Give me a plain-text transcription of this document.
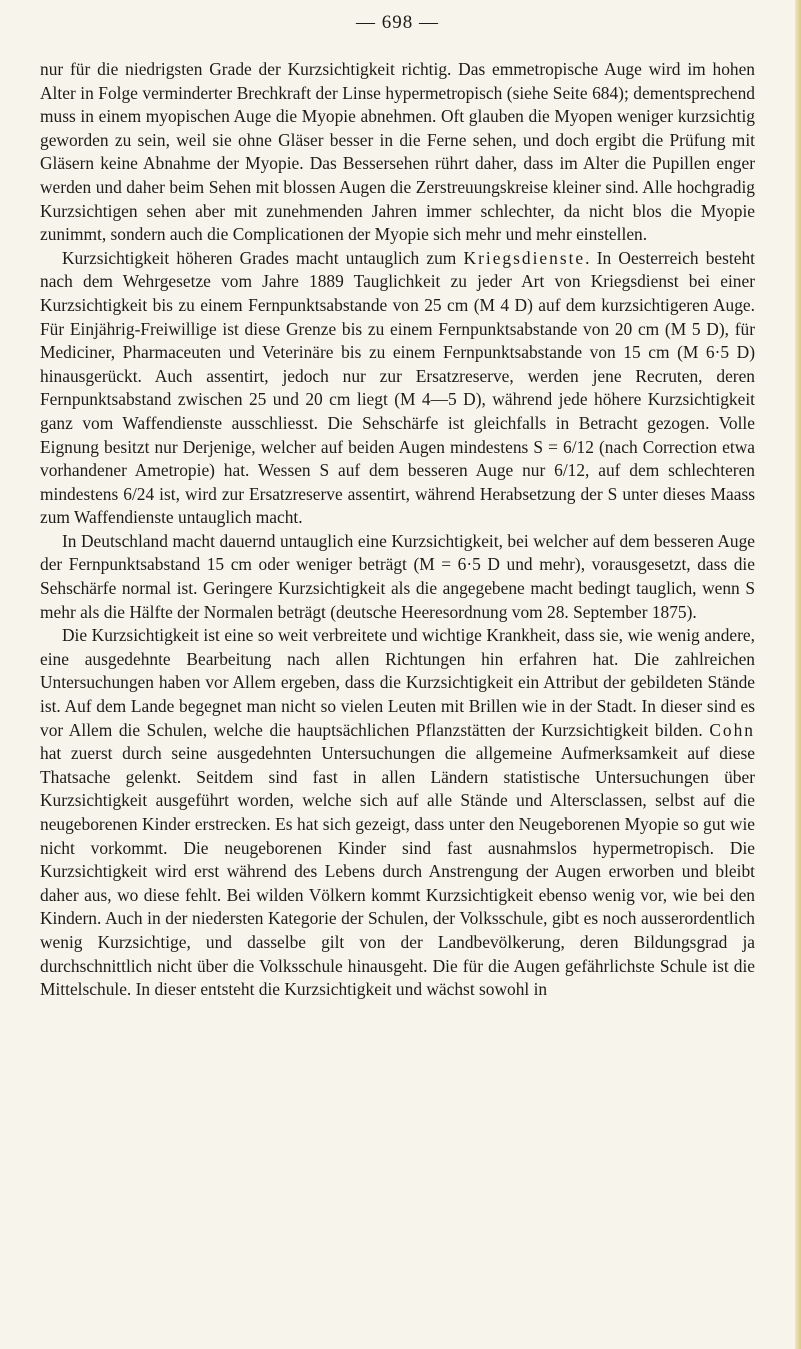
— 698 —

nur für die niedrigsten Grade der Kurzsichtigkeit richtig. Das emmetropische Auge wird im hohen Alter in Folge verminderter Brechkraft der Linse hypermetropisch (siehe Seite 684); dementsprechend muss in einem myopischen Auge die Myopie abnehmen. Oft glauben die Myopen weniger kurzsichtig geworden zu sein, weil sie ohne Gläser besser in die Ferne sehen, und doch ergibt die Prüfung mit Gläsern keine Abnahme der Myopie. Das Bessersehen rührt daher, dass im Alter die Pupillen enger werden und daher beim Sehen mit blossen Augen die Zerstreuungskreise kleiner sind. Alle hochgradig Kurzsichtigen sehen aber mit zunehmenden Jahren immer schlechter, da nicht blos die Myopie zunimmt, sondern auch die Complicationen der Myopie sich mehr und mehr einstellen.

Kurzsichtigkeit höheren Grades macht untauglich zum Kriegsdienste. In Oesterreich besteht nach dem Wehrgesetze vom Jahre 1889 Tauglichkeit zu jeder Art von Kriegsdienst bei einer Kurzsichtigkeit bis zu einem Fernpunktsabstande von 25 cm (M 4 D) auf dem kurzsichtigeren Auge. Für Einjährig-Freiwillige ist diese Grenze bis zu einem Fernpunktsabstande von 20 cm (M 5 D), für Mediciner, Pharmaceuten und Veterinäre bis zu einem Fernpunktsabstande von 15 cm (M 6·5 D) hinausgerückt. Auch assentirt, jedoch nur zur Ersatzreserve, werden jene Recruten, deren Fernpunktsabstand zwischen 25 und 20 cm liegt (M 4—5 D), während jede höhere Kurzsichtigkeit ganz vom Waffendienste ausschliesst. Die Sehschärfe ist gleichfalls in Betracht gezogen. Volle Eignung besitzt nur Derjenige, welcher auf beiden Augen mindestens S = 6/12 (nach Correction etwa vorhandener Ametropie) hat. Wessen S auf dem besseren Auge nur 6/12, auf dem schlechteren mindestens 6/24 ist, wird zur Ersatzreserve assentirt, während Herabsetzung der S unter dieses Maass zum Waffendienste untauglich macht.

In Deutschland macht dauernd untauglich eine Kurzsichtigkeit, bei welcher auf dem besseren Auge der Fernpunktsabstand 15 cm oder weniger beträgt (M = 6·5 D und mehr), vorausgesetzt, dass die Sehschärfe normal ist. Geringere Kurzsichtigkeit als die angegebene macht bedingt tauglich, wenn S mehr als die Hälfte der Normalen beträgt (deutsche Heeresordnung vom 28. September 1875).

Die Kurzsichtigkeit ist eine so weit verbreitete und wichtige Krankheit, dass sie, wie wenig andere, eine ausgedehnte Bearbeitung nach allen Richtungen hin erfahren hat. Die zahlreichen Untersuchungen haben vor Allem ergeben, dass die Kurzsichtigkeit ein Attribut der gebildeten Stände ist. Auf dem Lande begegnet man nicht so vielen Leuten mit Brillen wie in der Stadt. In dieser sind es vor Allem die Schulen, welche die hauptsächlichen Pflanzstätten der Kurzsichtigkeit bilden. Cohn hat zuerst durch seine ausgedehnten Untersuchungen die allgemeine Aufmerksamkeit auf diese Thatsache gelenkt. Seitdem sind fast in allen Ländern statistische Untersuchungen über Kurzsichtigkeit ausgeführt worden, welche sich auf alle Stände und Altersclassen, selbst auf die neugeborenen Kinder erstrecken. Es hat sich gezeigt, dass unter den Neugeborenen Myopie so gut wie nicht vorkommt. Die neugeborenen Kinder sind fast ausnahmslos hypermetropisch. Die Kurzsichtigkeit wird erst während des Lebens durch Anstrengung der Augen erworben und bleibt daher aus, wo diese fehlt. Bei wilden Völkern kommt Kurzsichtigkeit ebenso wenig vor, wie bei den Kindern. Auch in der niedersten Kategorie der Schulen, der Volksschule, gibt es noch ausserordentlich wenig Kurzsichtige, und dasselbe gilt von der Landbevölkerung, deren Bildungsgrad ja durchschnittlich nicht über die Volksschule hinausgeht. Die für die Augen gefährlichste Schule ist die Mittelschule. In dieser entsteht die Kurzsichtigkeit und wächst sowohl in
